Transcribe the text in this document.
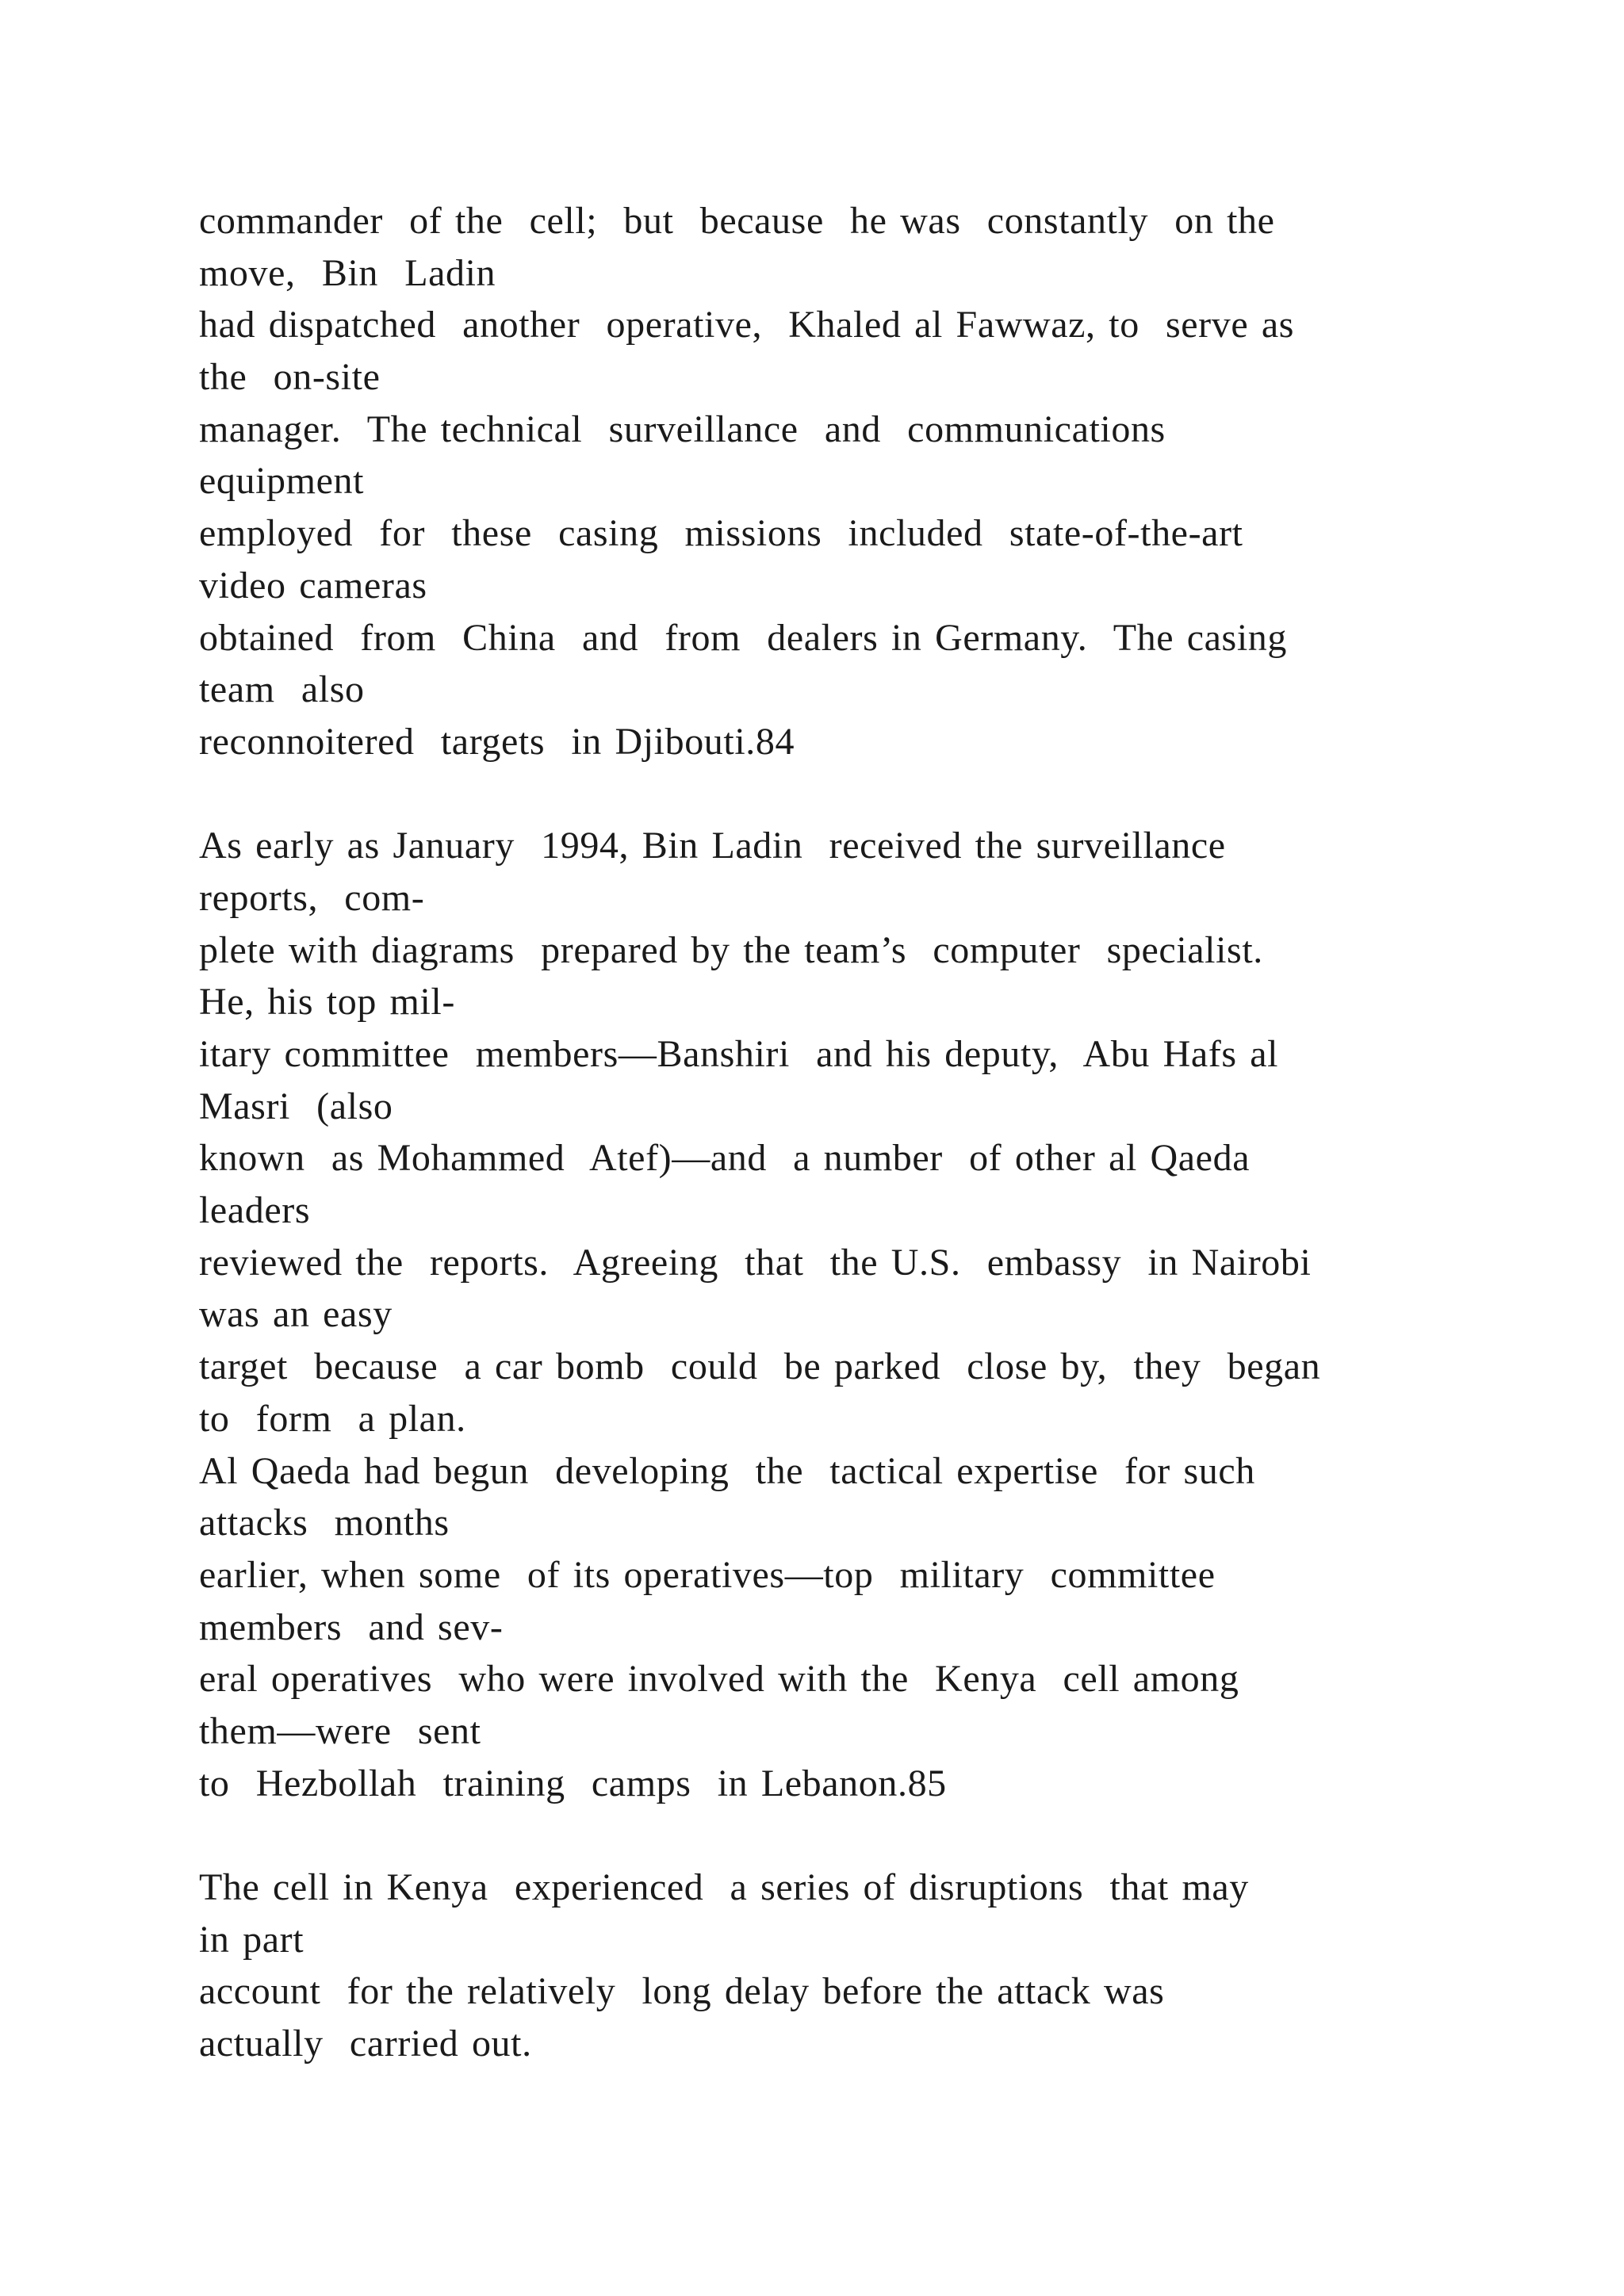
commander  of the  cell;  but  because  he was  constantly  on the
move,  Bin  Ladin
had dispatched  another  operative,  Khaled al Fawwaz, to  serve as
the  on-site
manager.  The technical  surveillance  and  communications
equipment
employed  for  these  casing  missions  included  state-of-the-art
video cameras
obtained  from  China  and  from  dealers in Germany.  The casing
team  also
reconnoitered  targets  in Djibouti.84
As early as January  1994, Bin Ladin  received the surveillance
reports,  com-
plete with diagrams  prepared by the team’s  computer  specialist.
He, his top mil-
itary committee  members—Banshiri  and his deputy,  Abu Hafs al
Masri  (also
known  as Mohammed  Atef)—and  a number  of other al Qaeda
leaders
reviewed the  reports.  Agreeing  that  the U.S.  embassy  in Nairobi
was an easy
target  because  a car bomb  could  be parked  close by,  they  began
to  form  a plan.
Al Qaeda had begun  developing  the  tactical expertise  for such
attacks  months
earlier, when some  of its operatives—top  military  committee
members  and sev-
eral operatives  who were involved with the  Kenya  cell among
them—were  sent
to  Hezbollah  training  camps  in Lebanon.85
The cell in Kenya  experienced  a series of disruptions  that may
in part
account  for the relatively  long delay before the attack was
actually  carried out.
